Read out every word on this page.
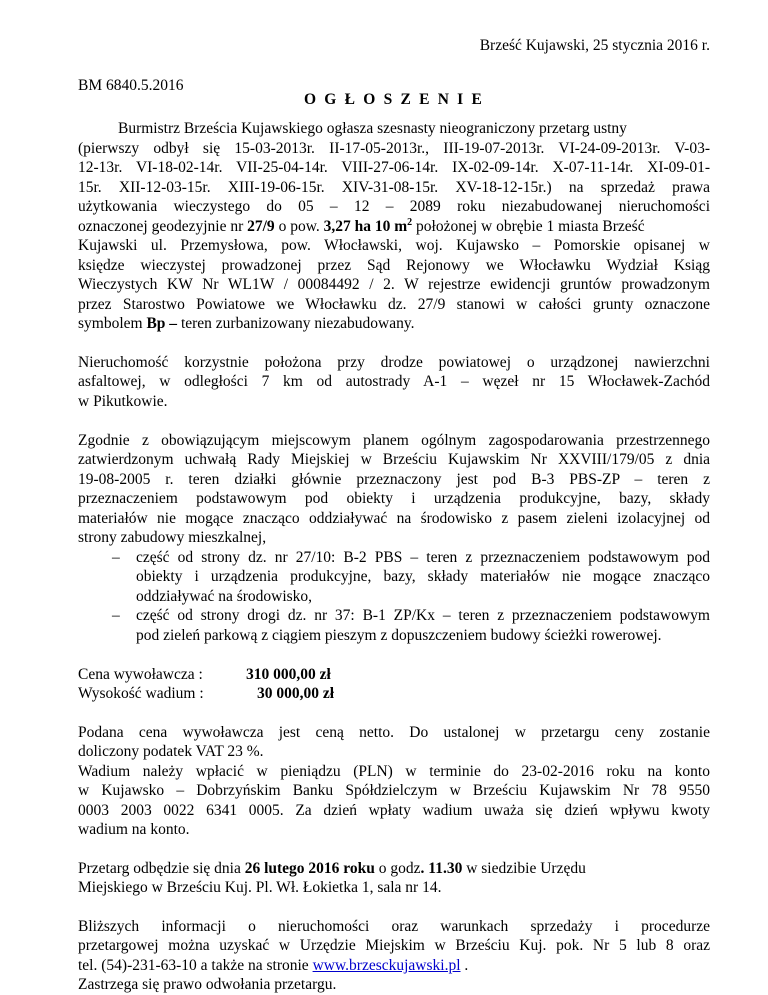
Brześć Kujawski, 25 stycznia 2016 r.
BM 6840.5.2016
O G Ł O S Z E N I E
Burmistrz Brześcia Kujawskiego ogłasza szesnasty nieograniczony przetarg ustny
(pierwszy odbył się 15-03-2013r. II-17-05-2013r., III-19-07-2013r. VI-24-09-2013r. V-03-
12-13r. VI-18-02-14r. VII-25-04-14r. VIII-27-06-14r. IX-02-09-14r. X-07-11-14r. XI-09-01-
15r. XII-12-03-15r. XIII-19-06-15r. XIV-31-08-15r. XV-18-12-15r.) na sprzedaż prawa
użytkowania wieczystego do 05 – 12 – 2089 roku niezabudowanej nieruchomości
oznaczonej geodezyjnie nr 27/9 o pow. 3,27 ha 10 $m^2$ położonej w obrębie 1 miasta Brześć
Kujawski ul. Przemysłowa, pow. Włocławski, woj. Kujawsko – Pomorskie opisanej w
księdze wieczystej prowadzonej przez Sąd Rejonowy we Włocławku Wydział Ksiąg
Wieczystych KW Nr WL1W / 00084492 / 2. W rejestrze ewidencji gruntów prowadzonym
przez Starostwo Powiatowe we Włocławku dz. 27/9 stanowi w całości grunty oznaczone
symbolem Bp – teren zurbanizowany niezabudowany.
Nieruchomość korzystnie położona przy drodze powiatowej o urządzonej nawierzchni
asfaltowej, w odległości 7 km od autostrady A-1 – węzeł nr 15 Włocławek-Zachód
w Pikutkowie.
Zgodnie z obowiązującym miejscowym planem ogólnym zagospodarowania przestrzennego
zatwierdzonym uchwałą Rady Miejskiej w Brześciu Kujawskim Nr XXVIII/179/05 z dnia
19-08-2005 r. teren działki głównie przeznaczony jest pod B-3 PBS-ZP – teren z
przeznaczeniem podstawowym pod obiekty i urządzenia produkcyjne, bazy, składy
materiałów nie mogące znacząco oddziaływać na środowisko z pasem zieleni izolacyjnej od
strony zabudowy mieszkalnej,
–	część od strony dz. nr 27/10: B-2 PBS – teren z przeznaczeniem podstawowym pod
obiekty i urządzenia produkcyjne, bazy, składy materiałów nie mogące znacząco
oddziaływać na środowisko,
–	część od strony drogi dz. nr 37: B-1 ZP/Kx – teren z przeznaczeniem podstawowym
pod zieleń parkową z ciągiem pieszym z dopuszczeniem budowy ścieżki rowerowej.
Cena wywoławcza :	310 000,00 zł
Wysokość wadium :	30 000,00 zł
Podana cena wywoławcza jest ceną netto. Do ustalonej w przetargu ceny zostanie
doliczony podatek VAT 23 %.
Wadium należy wpłacić w pieniądzu (PLN) w terminie do 23-02-2016 roku na konto
w Kujawsko – Dobrzyńskim Banku Spółdzielczym w Brześciu Kujawskim Nr 78 9550
0003 2003 0022 6341 0005. Za dzień wpłaty wadium uważa się dzień wpływu kwoty
wadium na konto.
Przetarg odbędzie się dnia 26 lutego 2016 roku o godz. 11.30 w siedzibie Urzędu
Miejskiego w Brześciu Kuj. Pl. Wł. Łokietka 1, sala nr 14.
Bliższych informacji o nieruchomości oraz warunkach sprzedaży i procedurze
przetargowej można uzyskać w Urzędzie Miejskim w Brześciu Kuj. pok. Nr 5 lub 8 oraz
tel. (54)-231-63-10 a także na stronie www.brzesckujawski.pl .
Zastrzega się prawo odwołania przetargu.
